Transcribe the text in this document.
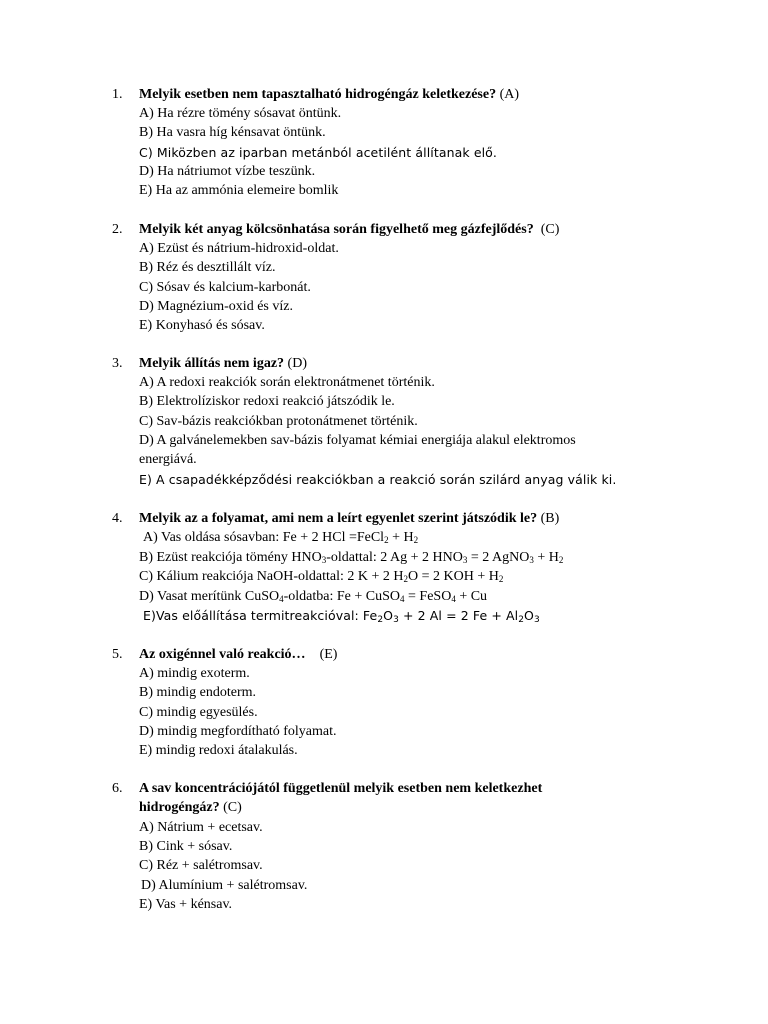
1. Melyik esetben nem tapasztalható hidrogéngáz keletkezése? (A)
A) Ha rézre tömény sósavat öntünk.
B) Ha vasra híg kénsavat öntünk.
C) Miközben az iparban metánból acetilént állítanak elő.
D) Ha nátriumot vízbe teszünk.
E) Ha az ammónia elemeire bomlik
2. Melyik két anyag kölcsönhatása során figyelhető meg gázfejlődés? (C)
A) Ezüst és nátrium-hidroxid-oldat.
B) Réz és desztillált víz.
C) Sósav és kalcium-karbonát.
D) Magnézium-oxid és víz.
E) Konyhasó és sósav.
3. Melyik állítás nem igaz? (D)
A) A redoxi reakciók során elektronátmenet történik.
B) Elektrolíziskor redoxi reakció játszódik le.
C) Sav-bázis reakciókban protonátmenet történik.
D) A galvánelemekben sav-bázis folyamat kémiai energiája alakul elektromos
energiává.
E) A csapadékképződési reakciókban a reakció során szilárd anyag válik ki.
4. Melyik az a folyamat, ami nem a leírt egyenlet szerint játszódik le? (B)
A) Vas oldása sósavban: Fe + 2 HCl =FeCl$_2$ + $H_2$
B) Ezüst reakciója tömény $HNO_3$-oldattal: 2 Ag + 2 $HNO_3 = 2$ AgNO$_3$ + $H_2$
C) Kálium reakciója NaOH-oldattal: 2 K + 2 $H_2O = 2$ KOH + $H_2$
D) Vasat merítünk CuSO$_4$-oldatba: Fe + CuSO$_4$ = FeSO$_4$ + Cu
E)Vas előállítása termitreakcióval: $Fe_2O_3 + 2$ Al = 2 $Fe + Al_2O_3$
5. Az oxigénnel való reakció… (E)
A) mindig exoterm.
B) mindig endoterm.
C) mindig egyesülés.
D) mindig megfordítható folyamat.
E) mindig redoxi átalakulás.
6. A sav koncentrációjától függetlenül melyik esetben nem keletkezhet
hidrogéngáz? (C)
A) Nátrium + ecetsav.
B) Cink + sósav.
C) Réz + salétromsav.
D) Alumínium + salétromsav.
E) Vas + kénsav.
